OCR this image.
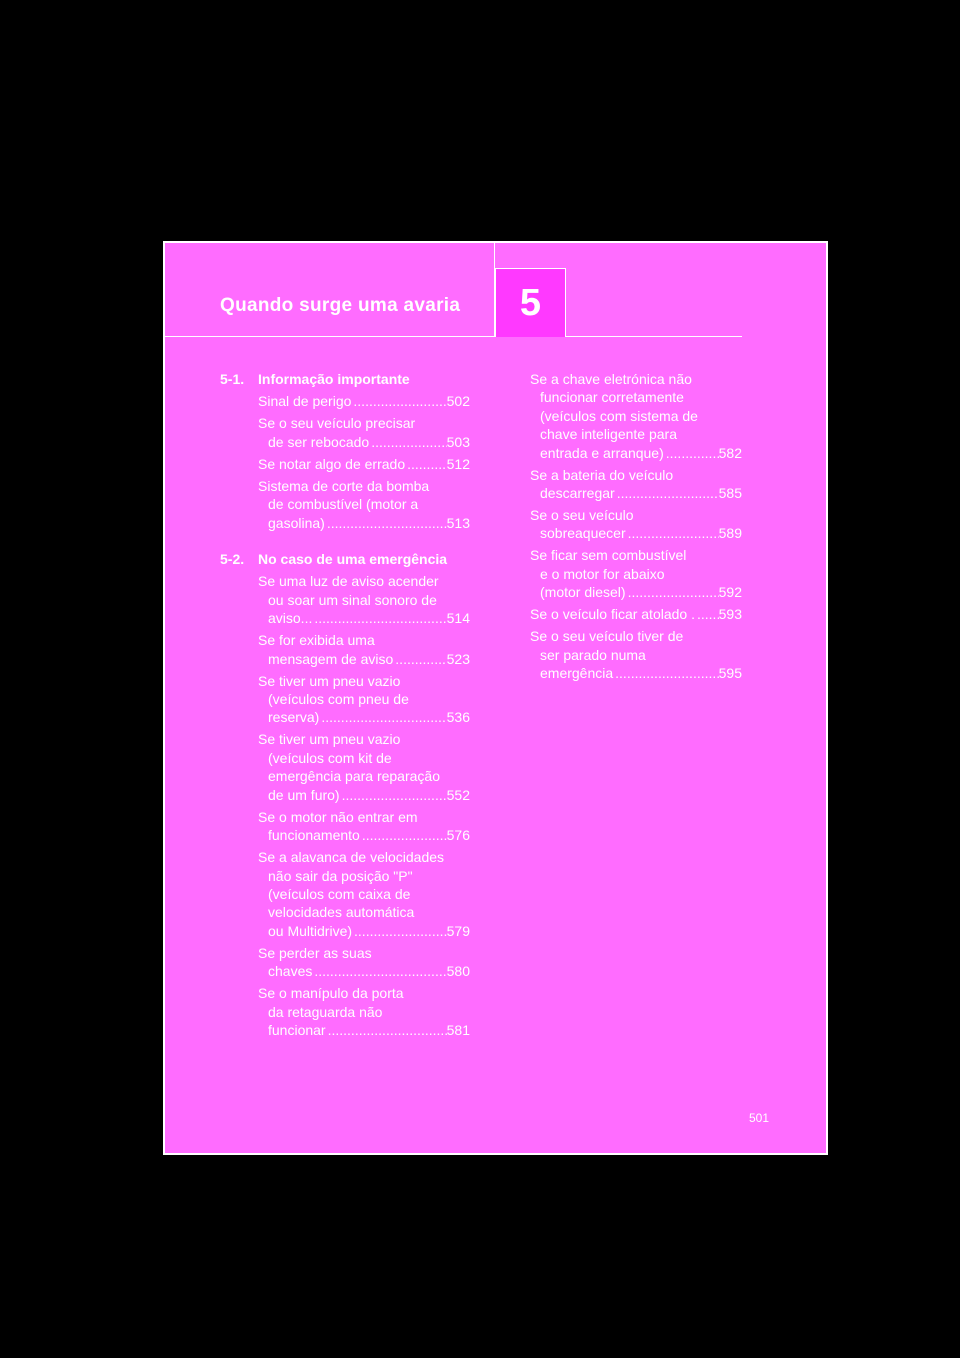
Quando surge uma avaria	5
5-1. Informação importante
Sinal de perigo .....	502
Se o seu veículo precisar
de ser rebocado .....	503
Se notar algo de errado .....	512
Sistema de corte da bomba
de combustível (motor a
gasolina) .....	513
5-2. No caso de uma emergência
Se uma luz de aviso acender
ou soar um sinal sonoro de
aviso... .....	514
Se for exibida uma
mensagem de aviso .....	523
Se tiver um pneu vazio
(veículos com pneu de
reserva) .....	536
Se tiver um pneu vazio
(veículos com kit de
emergência para reparação
de um furo) .....	552
Se o motor não entrar em
funcionamento .....	576
Se a alavanca de velocidades
não sair da posição "P"
(veículos com caixa de
velocidades automática
ou Multidrive) .....	579
Se perder as suas
chaves .....	580
Se o manípulo da porta
da retaguarda não
funcionar .....	581
Se a chave eletrónica não
funcionar corretamente
(veículos com sistema de
chave inteligente para
entrada e arranque) .....	582
Se a bateria do veículo
descarregar .....	585
Se o seu veículo
sobreaquecer .....	589
Se ficar sem combustível
e o motor for abaixo
(motor diesel) .....	592
Se o veículo ficar atolado . ..... 593
Se o seu veículo tiver de
ser parado numa
emergência .....	595
501
